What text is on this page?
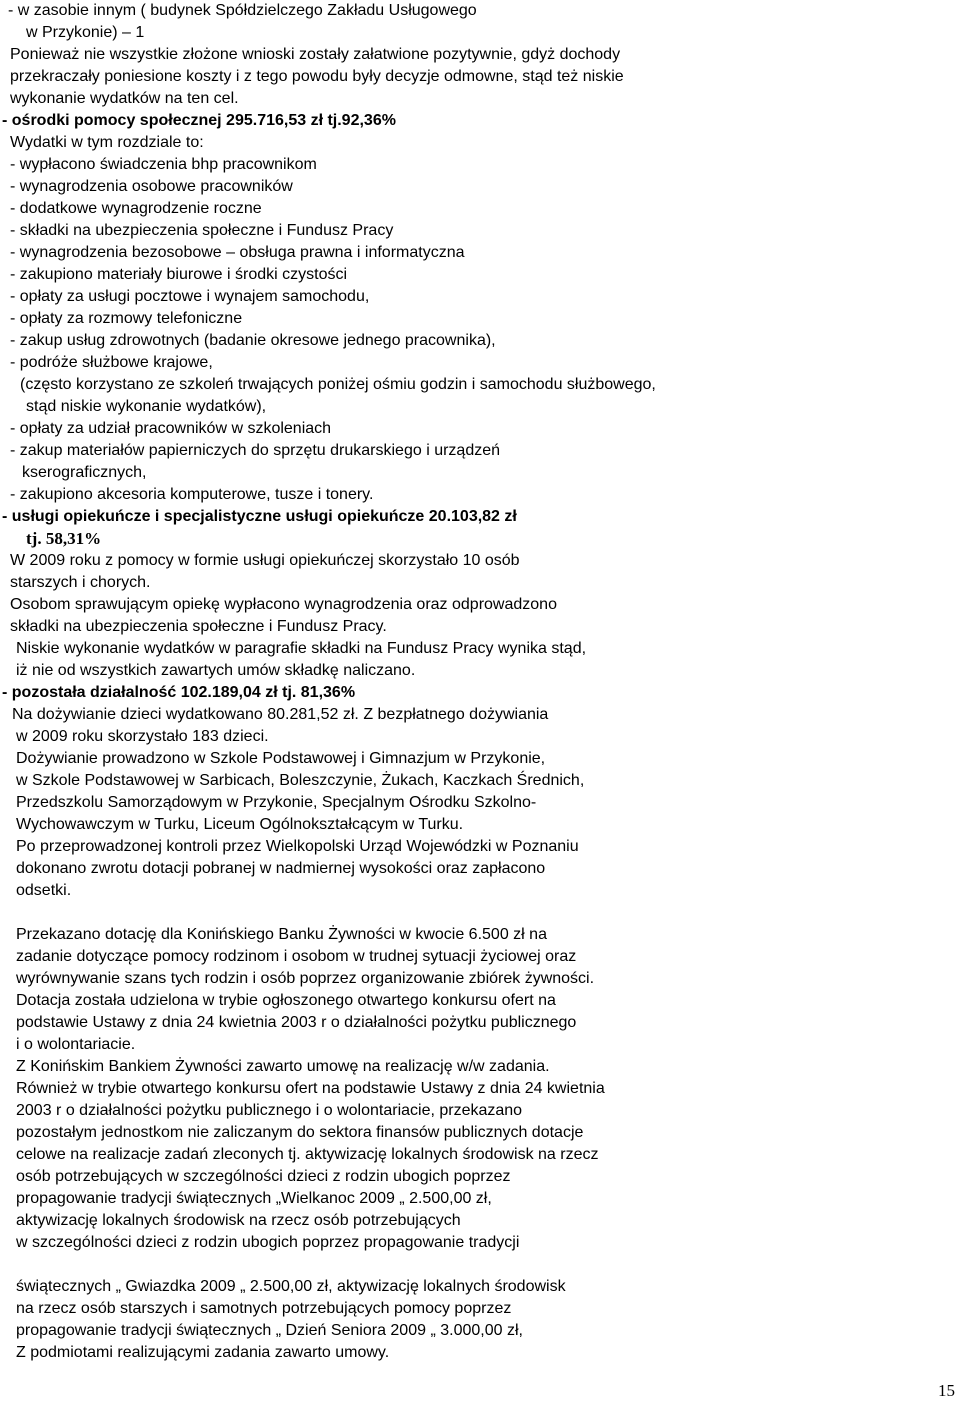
- w zasobie innym ( budynek Spółdzielczego Zakładu Usługowego
w Przykonie) – 1
Ponieważ nie wszystkie złożone wnioski zostały załatwione pozytywnie, gdyż dochody
przekraczały poniesione koszty i z tego powodu były decyzje odmowne, stąd też niskie
wykonanie wydatków na ten cel.
- ośrodki pomocy społecznej 295.716,53 zł tj.92,36%
Wydatki w tym rozdziale to:
- wypłacono świadczenia bhp pracownikom
- wynagrodzenia osobowe pracowników
- dodatkowe wynagrodzenie roczne
- składki na ubezpieczenia społeczne i Fundusz Pracy
- wynagrodzenia bezosobowe – obsługa prawna i informatyczna
- zakupiono materiały biurowe i środki czystości
- opłaty za usługi pocztowe i wynajem samochodu,
- opłaty za rozmowy telefoniczne
- zakup usług zdrowotnych (badanie okresowe jednego pracownika),
- podróże służbowe krajowe,
(często korzystano ze szkoleń trwających poniżej ośmiu godzin i samochodu służbowego,
stąd niskie wykonanie wydatków),
- opłaty za udział pracowników w szkoleniach
- zakup materiałów papierniczych do sprzętu drukarskiego i urządzeń
kserograficznych,
- zakupiono akcesoria komputerowe, tusze i tonery.
- usługi opiekuńcze i specjalistyczne usługi opiekuńcze 20.103,82 zł
tj. 58,31%
W 2009 roku z pomocy w formie usługi opiekuńczej skorzystało 10 osób
starszych i chorych.
Osobom sprawującym opiekę wypłacono wynagrodzenia oraz odprowadzono
składki na ubezpieczenia społeczne i Fundusz Pracy.
Niskie wykonanie wydatków w paragrafie składki na Fundusz Pracy wynika stąd,
iż nie od wszystkich zawartych umów składkę naliczano.
- pozostała działalność 102.189,04 zł tj. 81,36%
Na dożywianie dzieci wydatkowano 80.281,52 zł. Z bezpłatnego dożywiania
w 2009 roku skorzystało 183 dzieci.
Dożywianie prowadzono w Szkole Podstawowej i Gimnazjum w Przykonie,
w Szkole Podstawowej w Sarbicach, Boleszczynie, Żukach, Kaczkach Średnich,
Przedszkolu Samorządowym w Przykonie, Specjalnym Ośrodku Szkolno-
Wychowawczym w Turku, Liceum Ogólnokształcącym w Turku.
Po przeprowadzonej kontroli przez Wielkopolski Urząd Wojewódzki w Poznaniu
dokonano zwrotu dotacji pobranej w nadmiernej wysokości oraz zapłacono
odsetki.
Przekazano dotację dla Konińskiego Banku Żywności w kwocie 6.500 zł na
zadanie dotyczące pomocy rodzinom i osobom w trudnej sytuacji życiowej oraz
wyrównywanie szans tych rodzin i osób poprzez organizowanie zbiórek żywności.
Dotacja została udzielona w trybie ogłoszonego otwartego konkursu ofert na
podstawie Ustawy z dnia 24 kwietnia 2003 r o działalności pożytku publicznego
i o wolontariacie.
Z Konińskim Bankiem Żywności zawarto umowę na realizację w/w zadania.
Również w trybie otwartego konkursu ofert na podstawie Ustawy z dnia 24 kwietnia
2003 r o działalności pożytku publicznego i o wolontariacie, przekazano
pozostałym jednostkom nie zaliczanym do sektora finansów publicznych dotacje
celowe na realizacje zadań zleconych tj. aktywizację lokalnych środowisk na rzecz
osób potrzebujących w szczególności dzieci z rodzin ubogich poprzez
propagowanie tradycji świątecznych „Wielkanoc 2009 „ 2.500,00 zł,
aktywizację lokalnych środowisk na rzecz osób potrzebujących
w szczególności dzieci z rodzin ubogich poprzez propagowanie tradycji
świątecznych „ Gwiazdka 2009 „ 2.500,00 zł, aktywizację lokalnych środowisk
na rzecz osób starszych i samotnych potrzebujących pomocy poprzez
propagowanie tradycji świątecznych „ Dzień Seniora 2009 „ 3.000,00 zł,
Z podmiotami realizującymi zadania zawarto umowy.
15
